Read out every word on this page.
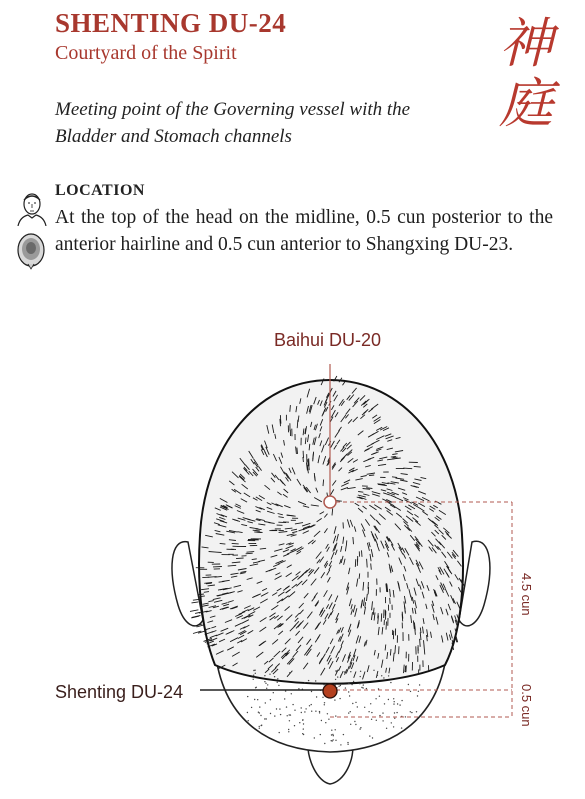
SHENTING DU-24
Courtyard of the Spirit	神庭
Meeting point of the Governing vessel with the Bladder and Stomach channels
LOCATION
At the top of the head on the midline, 0.5 cun posterior to the anterior hairline and 0.5 cun anterior to Shangxing DU-23.
Baihui DU-20
Shenting DU-24
4.5 cun
0.5 cun
